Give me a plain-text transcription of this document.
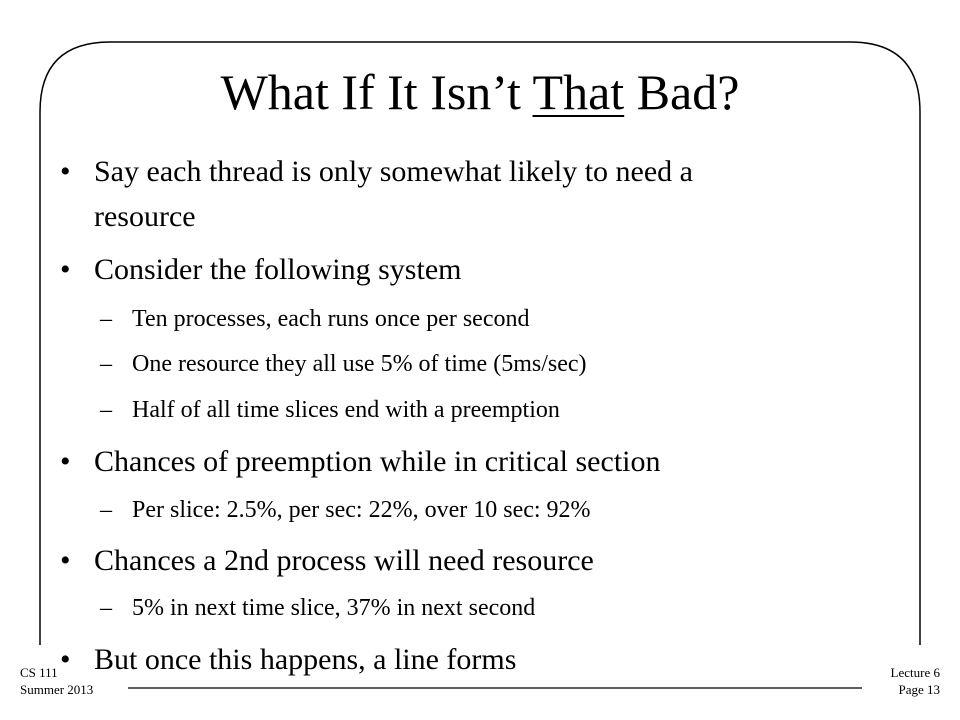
What If It Isn’t That Bad?
• Say each thread is only somewhat likely to need a
resource
• Consider the following system
– Ten processes, each runs once per second
– One resource they all use 5% of time (5ms/sec)
– Half of all time slices end with a preemption
• Chances of preemption while in critical section
– Per slice: 2.5%, per sec: 22%, over 10 sec: 92%
• Chances a 2nd process will need resource
– 5% in next time slice, 37% in next second
• But once this happens, a line forms
CS 111
Summer 2013
Lecture 6
Page 13
